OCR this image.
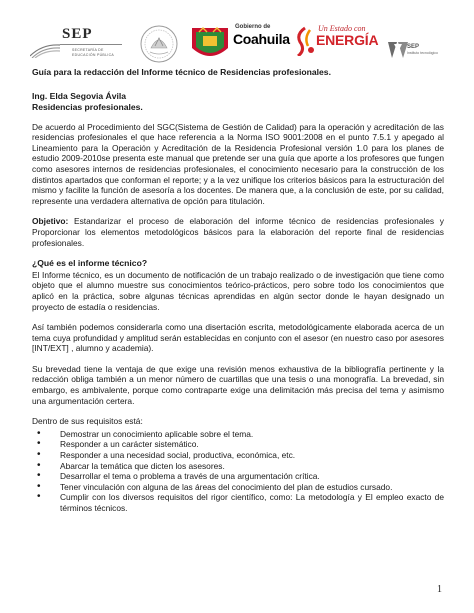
SEP
SECRETARÍA DE
EDUCACIÓN PÚBLICA
Gobierno de
Coahuila
Un Estado con
ENERGÍA	SEP
Instituto tecnológico

Guía para la redacción del Informe técnico de Residencias profesionales.

Ing. Elda Segovia Ávila

Residencias profesionales.

De acuerdo al Procedimiento del SGC(Sistema de Gestión de Calidad) para la operación y acreditación de las residencias profesionales el que hace referencia a la Norma ISO 9001:2008 en el punto 7.5.1 y apegado al Lineamiento para la Operación y Acreditación de la Residencia Profesional versión 1.0 para los planes de estudio 2009-2010se presenta este manual que pretende ser una guía que aporte a los profesores que fungen como asesores internos de residencias profesionales, el conocimiento necesario para la construcción de los distintos apartados que conforman el reporte; y a la vez unifique los criterios básicos para la estructuración del mismo y facilite la función de asesoría a los docentes. De manera que, a la conclusión de este, por su calidad, represente una verdadera alternativa de opción para titulación.

Objetivo: Estandarizar el proceso de elaboración del informe técnico de residencias profesionales y Proporcionar los elementos metodológicos básicos para la elaboración del reporte final de residencias profesionales.

¿Qué es el informe técnico?

El Informe técnico, es un documento de notificación de un trabajo realizado o de investigación que tiene como objeto que el alumno muestre sus conocimientos teórico-prácticos, pero sobre todo los conocimientos que aplicó en la práctica, sobre algunas técnicas aprendidas en algún sector donde le hayan designado un proyecto de estadía o residencias.

Así también podemos considerarla como una disertación escrita, metodológicamente elaborada acerca de un tema cuya profundidad y amplitud serán establecidas en conjunto con el asesor (en nuestro caso por asesores [INT/EXT] , alumno y academia).

Su brevedad tiene la ventaja de que exige una revisión menos exhaustiva de la bibliografía pertinente y la redacción obliga también a un menor número de cuartillas que una tesis o una monografía. La brevedad, sin embargo, es ambivalente, porque como contraparte exige una delimitación más precisa del tema y asimismo una argumentación certera.

Dentro de sus requisitos está:

• Demostrar un conocimiento aplicable sobre el tema.
• Responder a un carácter sistemático.
• Responder a una necesidad social, productiva, económica, etc.
• Abarcar la temática que dicten los asesores.
• Desarrollar el tema o problema a través de una argumentación crítica.
• Tener vinculación con alguna de las áreas del conocimiento del plan de estudios cursado.
• Cumplir con los diversos requisitos del rigor científico, como: La metodología y El empleo exacto de términos técnicos.
1
